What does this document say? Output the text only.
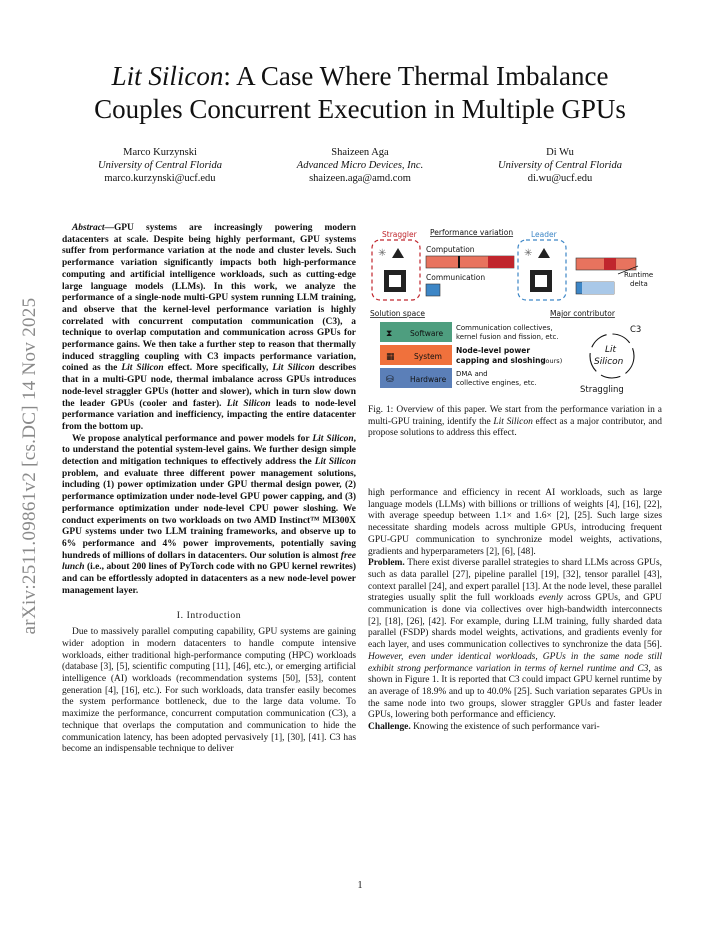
arXiv:2511.09861v2 [cs.DC] 14 Nov 2025
Lit Silicon: A Case Where Thermal Imbalance
Couples Concurrent Execution in Multiple GPUs
Marco Kurzynski
University of Central Florida
marco.kurzynski@ucf.edu
Shaizeen Aga
Advanced Micro Devices, Inc.
shaizeen.aga@amd.com
Di Wu
University of Central Florida
di.wu@ucf.edu

Abstract—GPU systems are increasingly powering modern datacenters at scale. Despite being highly performant, GPU systems suffer from performance variation at the node and cluster levels. Such performance variation significantly impacts both high-performance computing and artificial intelligence workloads, such as cutting-edge large language models (LLMs). In this work, we analyze the performance of a single-node multi-GPU system running LLM training, and observe that the kernel-level performance variation is highly correlated with concurrent computation communication (C3), a technique to overlap computation and communication across GPUs for performance gains. We then take a further step to reason that thermally induced straggling coupling with C3 impacts performance variation, coined as the Lit Silicon effect. More specifically, Lit Silicon describes that in a multi-GPU node, thermal imbalance across GPUs introduces node-level straggler GPUs (hotter and slower), which in turn slow down the leader GPUs (cooler and faster). Lit Silicon leads to node-level performance variation and inefficiency, impacting the entire datacenter from the bottom up.

We propose analytical performance and power models for Lit Silicon, to understand the potential system-level gains. We further design simple detection and mitigation techniques to effectively address the Lit Silicon problem, and evaluate three different power management solutions, including (1) power optimization under GPU thermal design power, (2) performance optimization under node-level GPU power capping, and (3) performance optimization under node-level CPU power sloshing. We conduct experiments on two workloads on two AMD Instinct™ MI300X GPU systems under two LLM training frameworks, and observe up to 6% performance and 4% power improvements, potentially saving hundreds of millions of dollars in datacenters. Our solution is almost free lunch (i.e., about 200 lines of PyTorch code with no GPU kernel rewrites) and can be effortlessly adopted in datacenters as a new node-level power management layer.

I. Introduction

Due to massively parallel computing capability, GPU systems are gaining wider adoption in modern datacenters to handle compute intensive workloads, either traditional high-performance computing (HPC) workloads (database [3], [5], scientific computing [11], [46], etc.), or emerging artificial intelligence (AI) workloads (recommendation systems [50], [53], content generation [4], [16], etc.). For such workloads, data transfer easily becomes the system performance bottleneck, due to the large data volume. To maximize the performance, concurrent computation communication (C3), a technique that overlaps the computation and communication to hide the communication latency, has been adopted pervasively [1], [30], [41]. C3 has become an indispensable technique to deliver

Straggler
✳
Leader
✳
Performance variation
Computation
Communication	Runtime
delta
Solution space	Major contributor
⧗ Software
Communication collectives,
kernel fusion and fission, etc.
▦	System
Node-level power
capping and sloshing
(ours)
⛁ Hardware
DMA and
collective engines, etc.
C3
Lit
Silicon
Straggling

Fig. 1: Overview of this paper. We start from the performance variation in a multi-GPU training, identify the Lit Silicon effect as a major contributor, and propose solutions to address this effect.

high performance and efficiency in recent AI workloads, such as large language models (LLMs) with billions or trillions of weights [4], [16], [22], with average speedup between 1.1× and 1.6× [2], [25]. Such large sizes necessitate sharding models across multiple GPUs, introducing frequent GPU-GPU communication to synchronize model weights, activations, gradients and hyperparameters [2], [6], [48].

Problem. There exist diverse parallel strategies to shard LLMs across GPUs, such as data parallel [27], pipeline parallel [19], [32], tensor parallel [43], context parallel [24], and expert parallel [13]. At the node level, these parallel strategies usually split the full workloads evenly across GPUs, and GPU communication is done via collectives over high-bandwidth interconnects [2], [18], [26], [42]. For example, during LLM training, fully sharded data parallel (FSDP) shards model weights, activations, and gradients evenly for each layer, and uses communication collectives to synchronize the data [56]. However, even under identical workloads, GPUs in the same node still exhibit strong performance variation in terms of kernel runtime and C3, as shown in Figure 1. It is reported that C3 could impact GPU kernel runtime by an average of 18.9% and up to 40.0% [25]. Such variation separates GPUs in the same node into two groups, slower straggler GPUs and faster leader GPUs, lowering both performance and efficiency.

Challenge. Knowing the existence of such performance vari-

1
